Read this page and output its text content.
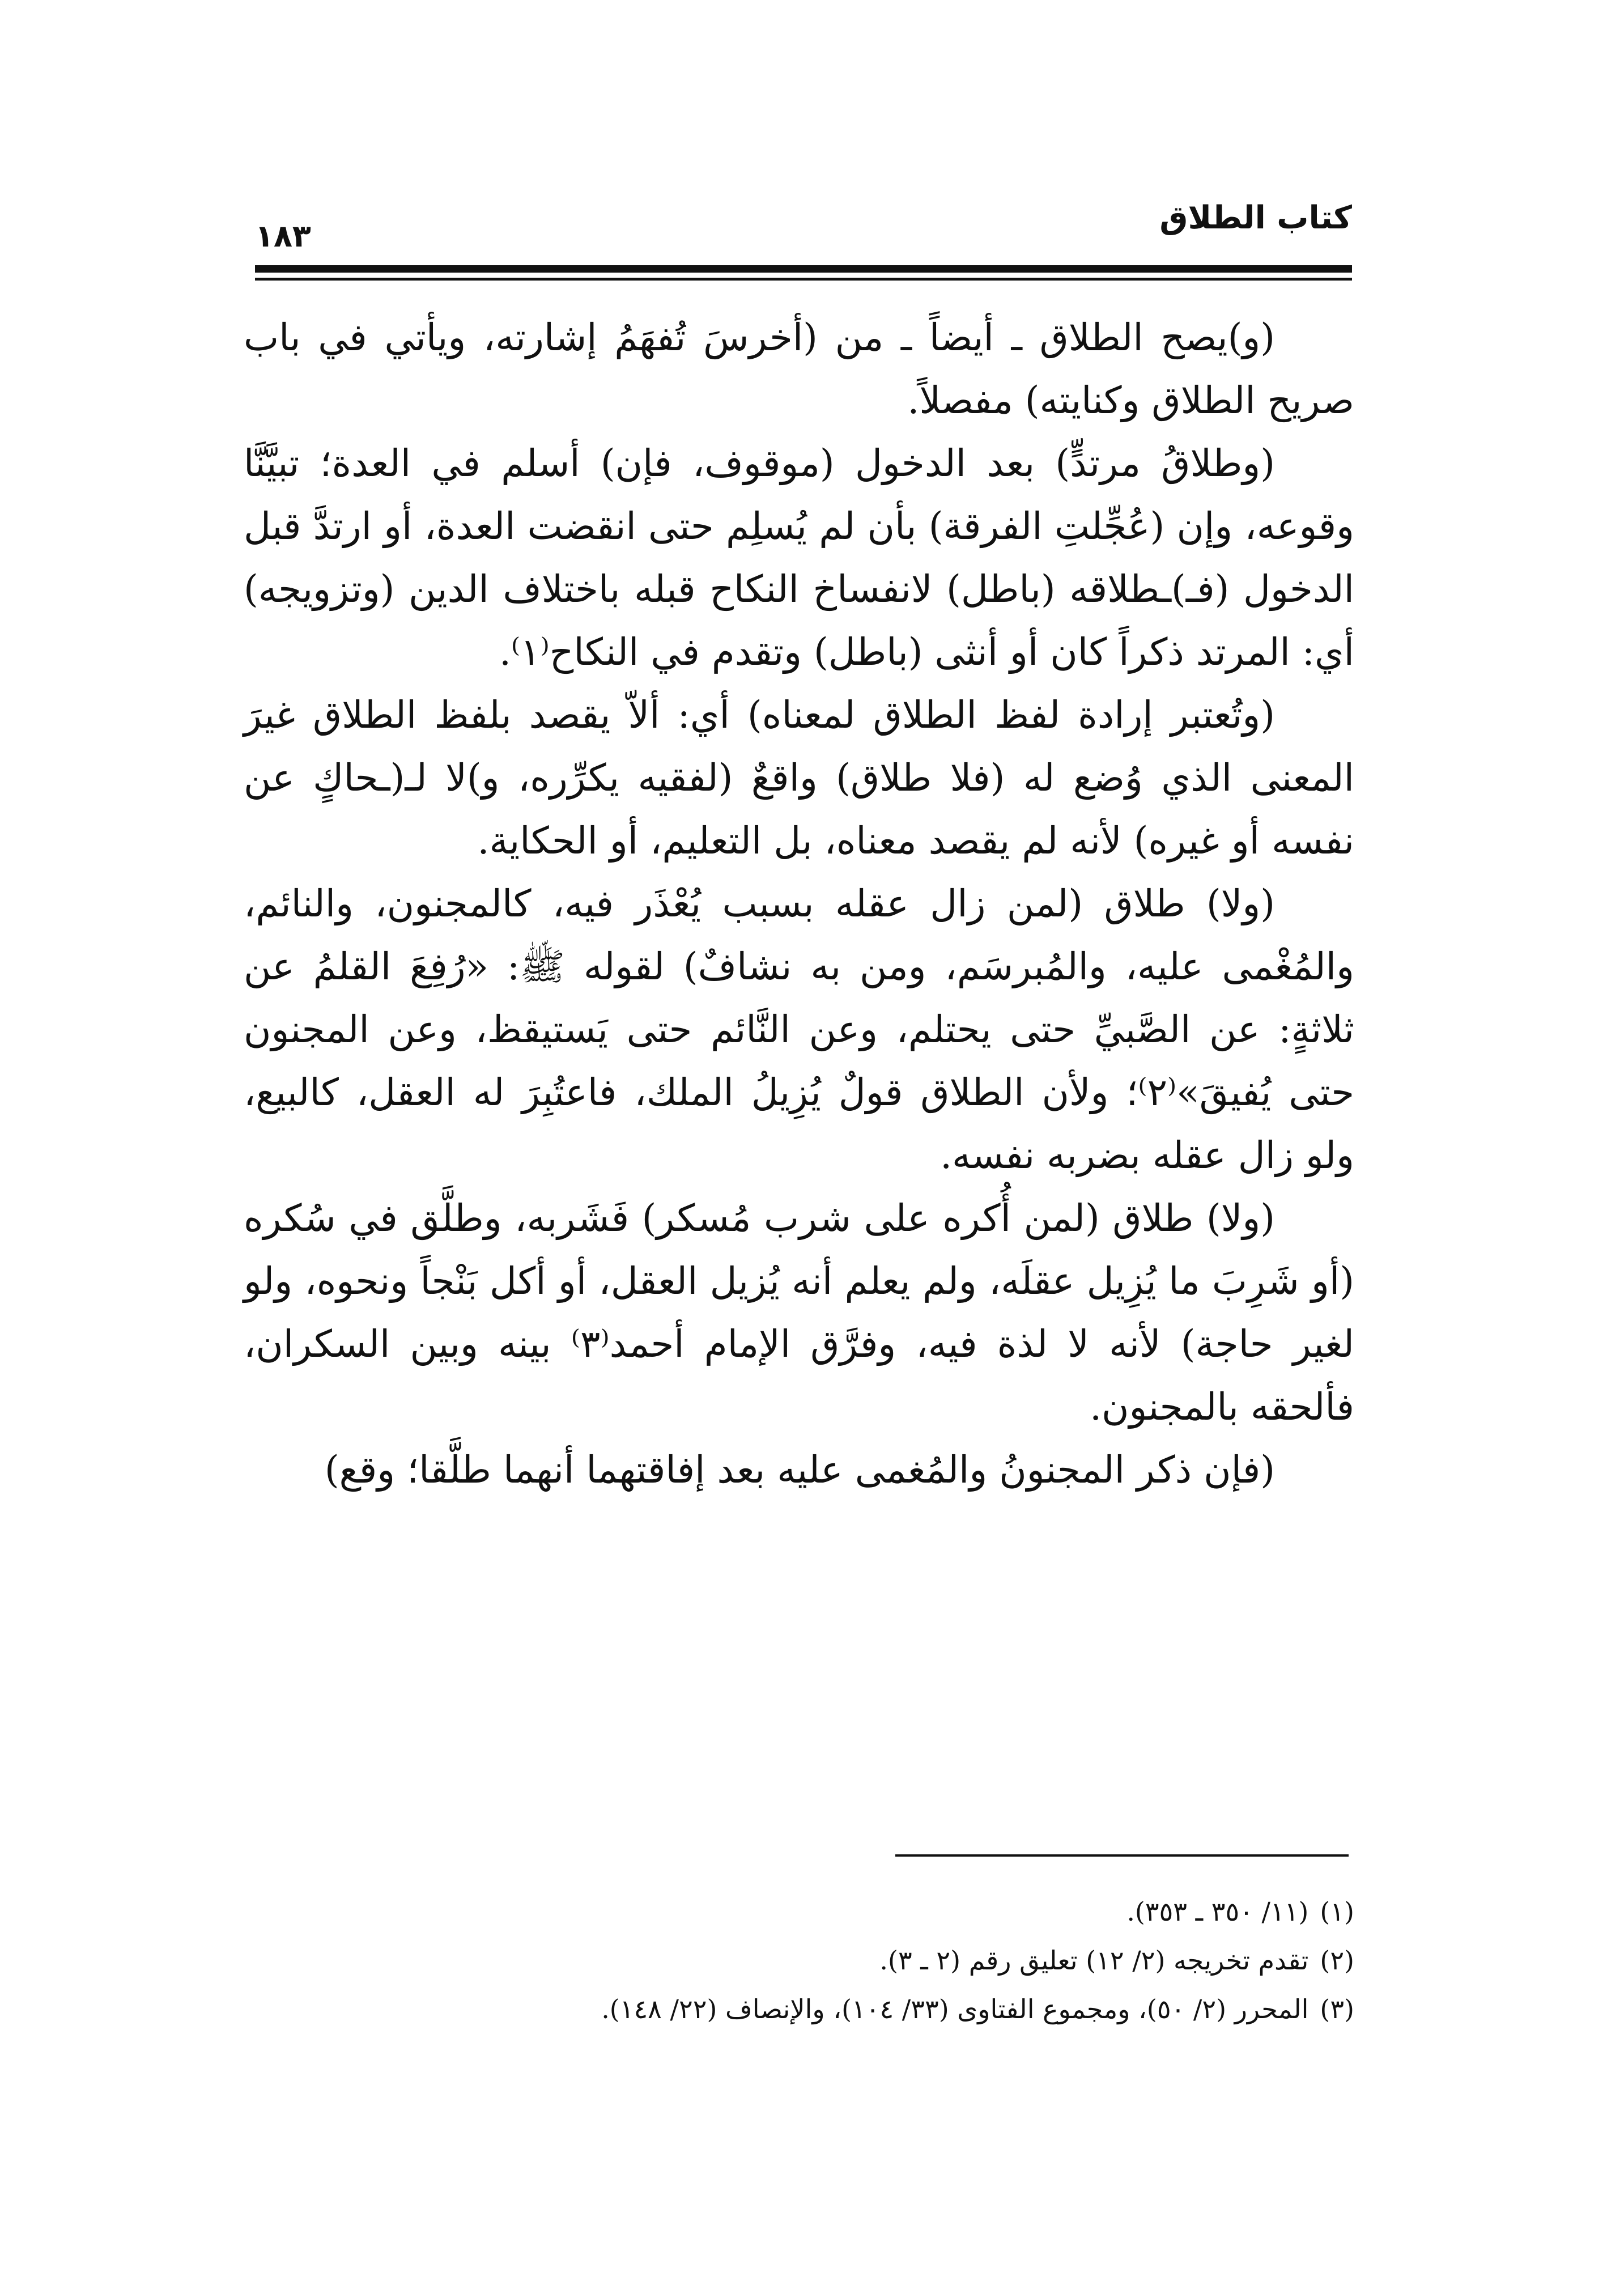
كتاب الطلاق
١٨٣

(و)يصح الطلاق ـ أيضاً ـ من (أخرسَ تُفهَمُ إشارته، ويأتي في باب صريح الطلاق وكنايته) مفصلاً.

(وطلاقُ مرتدٍّ) بعد الدخول (موقوف، فإن) أسلم في العدة؛ تبيَّنَّا وقوعه، وإن (عُجِّلتِ الفرقة) بأن لم يُسلِم حتى انقضت العدة، أو ارتدَّ قبل الدخول (فـ)ـطلاقه (باطل) لانفساخ النكاح قبله باختلاف الدين (وتزويجه) أي: المرتد ذكراً كان أو أنثى (باطل) وتقدم في النكاح⁽١⁾.

(وتُعتبر إرادة لفظ الطلاق لمعناه) أي: ألاّ يقصد بلفظ الطلاق غيرَ المعنى الذي وُضع له (فلا طلاق) واقعٌ (لفقيه يكرِّره، و)لا لـ(ـحاكٍ عن نفسه أو غيره) لأنه لم يقصد معناه، بل التعليم، أو الحكاية.

(ولا) طلاق (لمن زال عقله بسبب يُعْذَر فيه، كالمجنون، والنائم، والمُغْمى عليه، والمُبرسَم، ومن به نشافٌ) لقوله ﷺ: «رُفِعَ القلمُ عن ثلاثةٍ: عن الصَّبيِّ حتى يحتلم، وعن النَّائم حتى يَستيقظ، وعن المجنون حتى يُفيقَ»⁽٢⁾؛ ولأن الطلاق قولٌ يُزِيلُ الملك، فاعتُبِرَ له العقل، كالبيع، ولو زال عقله بضربه نفسه.

(ولا) طلاق (لمن أُكره على شرب مُسكر) فَشَربه، وطلَّق في سُكره (أو شَرِبَ ما يُزِيل عقلَه، ولم يعلم أنه يُزيل العقل، أو أكل بَنْجاً ونحوه، ولو لغير حاجة) لأنه لا لذة فيه، وفرَّق الإمام أحمد⁽٣⁾ بينه وبين السكران، فألحقه بالمجنون.

(فإن ذكر المجنونُ والمُغمى عليه بعد إفاقتهما أنهما طلَّقا؛ وقع)

(١)(١١/ ٣٥٠ ـ ٣٥٣).

(٢)تقدم تخريجه (٢/ ١٢) تعليق رقم (٢ ـ ٣).

(٣)المحرر (٢/ ٥٠)، ومجموع الفتاوى (٣٣/ ١٠٤)، والإنصاف (٢٢/ ١٤٨).
